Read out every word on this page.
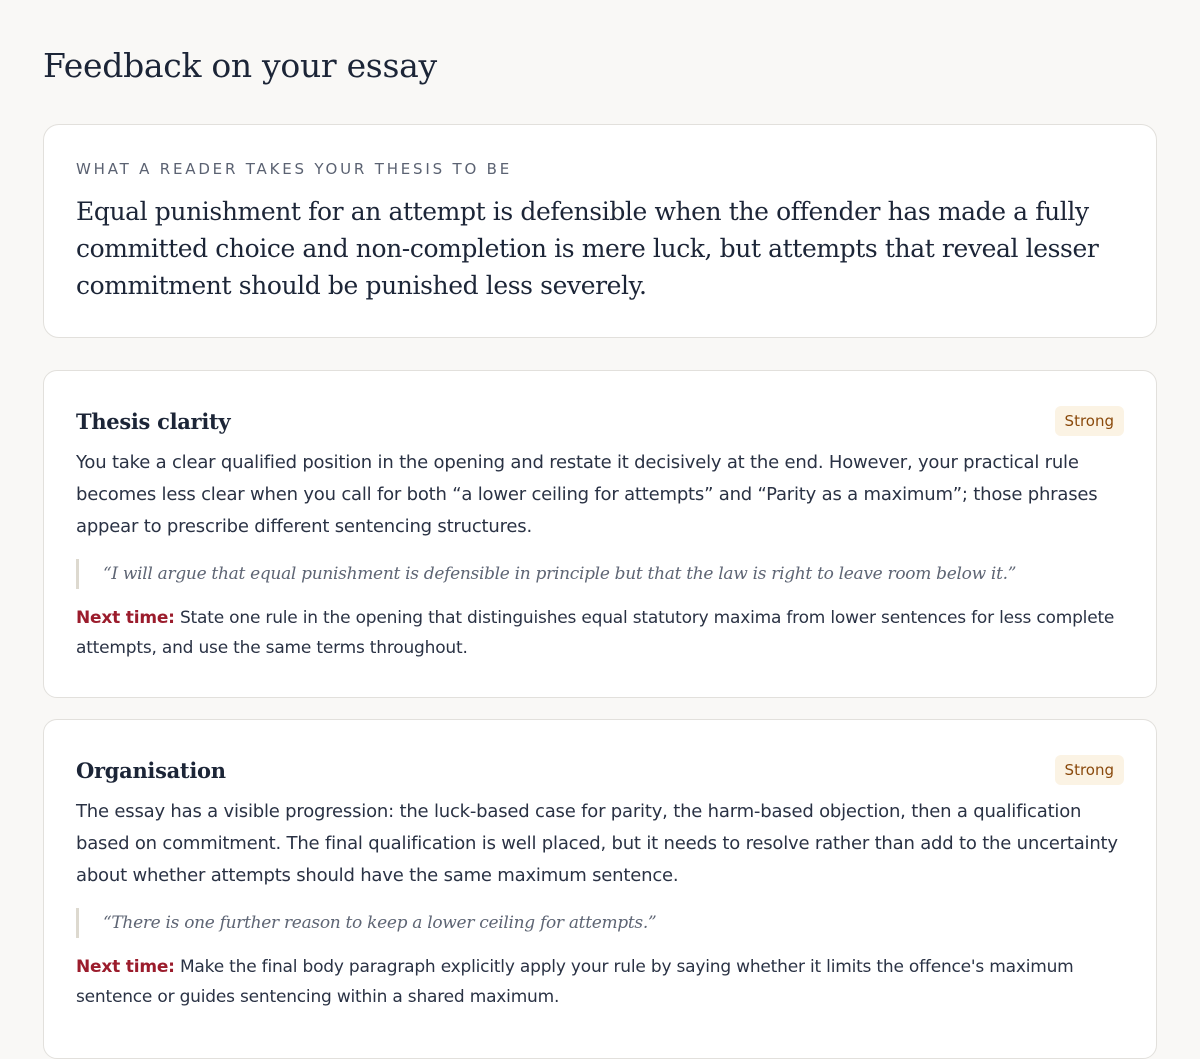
Feedback on your essay
WHAT A READER TAKES YOUR THESIS TO BE
Equal punishment for an attempt is defensible when the offender has made a fully committed choice and non-completion is mere luck, but attempts that reveal lesser commitment should be punished less severely.
Thesis clarity	Strong
You take a clear qualified position in the opening and restate it decisively at the end. However, your practical rule becomes less clear when you call for both “a lower ceiling for attempts” and “Parity as a maximum”; those phrases appear to prescribe different sentencing structures.
“I will argue that equal punishment is defensible in principle but that the law is right to leave room below it.”
Next time: State one rule in the opening that distinguishes equal statutory maxima from lower sentences for less complete attempts, and use the same terms throughout.
Organisation	Strong
The essay has a visible progression: the luck-based case for parity, the harm-based objection, then a qualification based on commitment. The final qualification is well placed, but it needs to resolve rather than add to the uncertainty about whether attempts should have the same maximum sentence.
“There is one further reason to keep a lower ceiling for attempts.”
Next time: Make the final body paragraph explicitly apply your rule by saying whether it limits the offence's maximum sentence or guides sentencing within a shared maximum.
